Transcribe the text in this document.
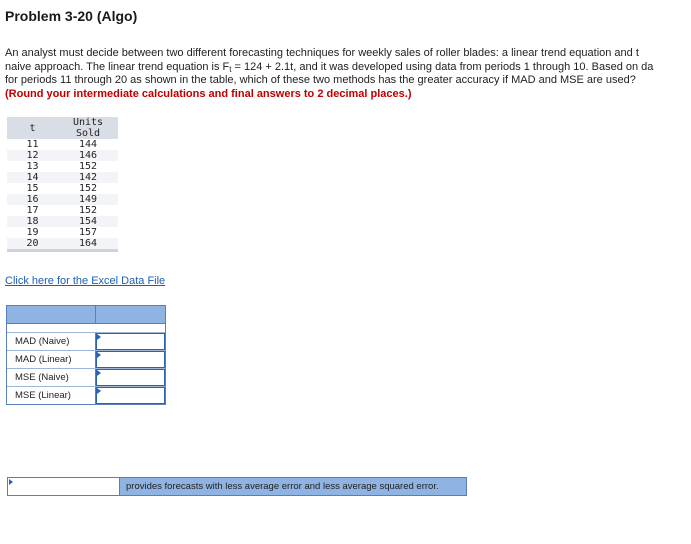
Problem 3-20 (Algo)
An analyst must decide between two different forecasting techniques for weekly sales of roller blades: a linear trend equation and t
naive approach. The linear trend equation is $F_t = 124 + 2.1t$, and it was developed using data from periods 1 through 10. Based on da
for periods 11 through 20 as shown in the table, which of these two methods has the greater accuracy if MAD and MSE are used?
(Round your intermediate calculations and final answers to 2 decimal places.)
t	Units
Sold
11	144
12	146
13	152
14	142
15	152
16	149
17	152
18	154
19	157
20	164
Click here for the Excel Data File
MAD (Naive)
MAD (Linear)
MSE (Naive)
MSE (Linear)
provides forecasts with less average error and less average squared error.
